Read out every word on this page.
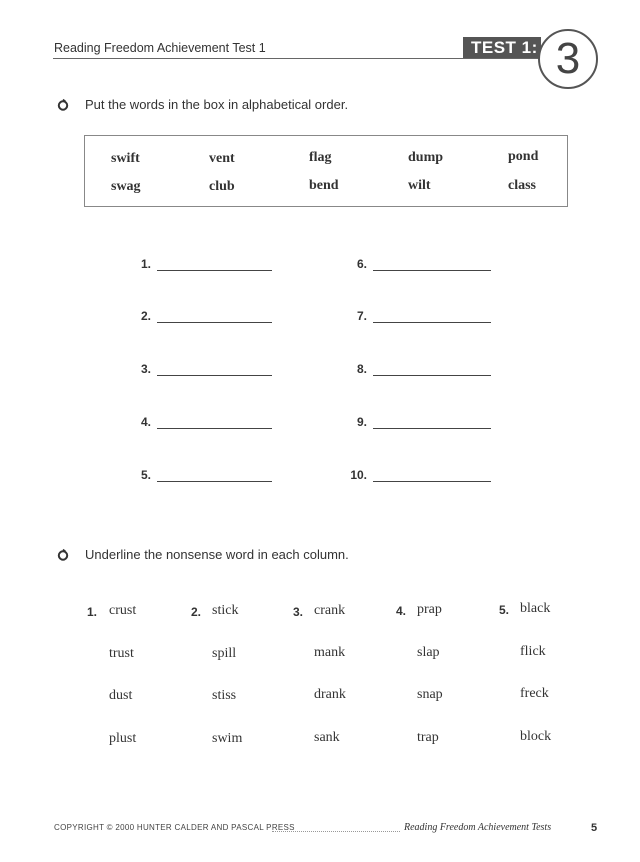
Reading Freedom Achievement Test 1	TEST 1: 3
Put the words in the box in alphabetical order.
swift	vent	flag	dump	pond
swag	club	bend	wilt	class
1.
2.
3.
4.
5.
6.
7.
8.
9.
10.
Underline the nonsense word in each column.
1. crust
trust
dust
plust
2. stick
spill
stiss
swim
3. crank
mank
drank
sank
4. prap
slap
snap
trap
5. black
flick
freck
block
COPYRIGHT © 2000 HUNTER CALDER AND PASCAL PRESS	Reading Freedom Achievement Tests	5
